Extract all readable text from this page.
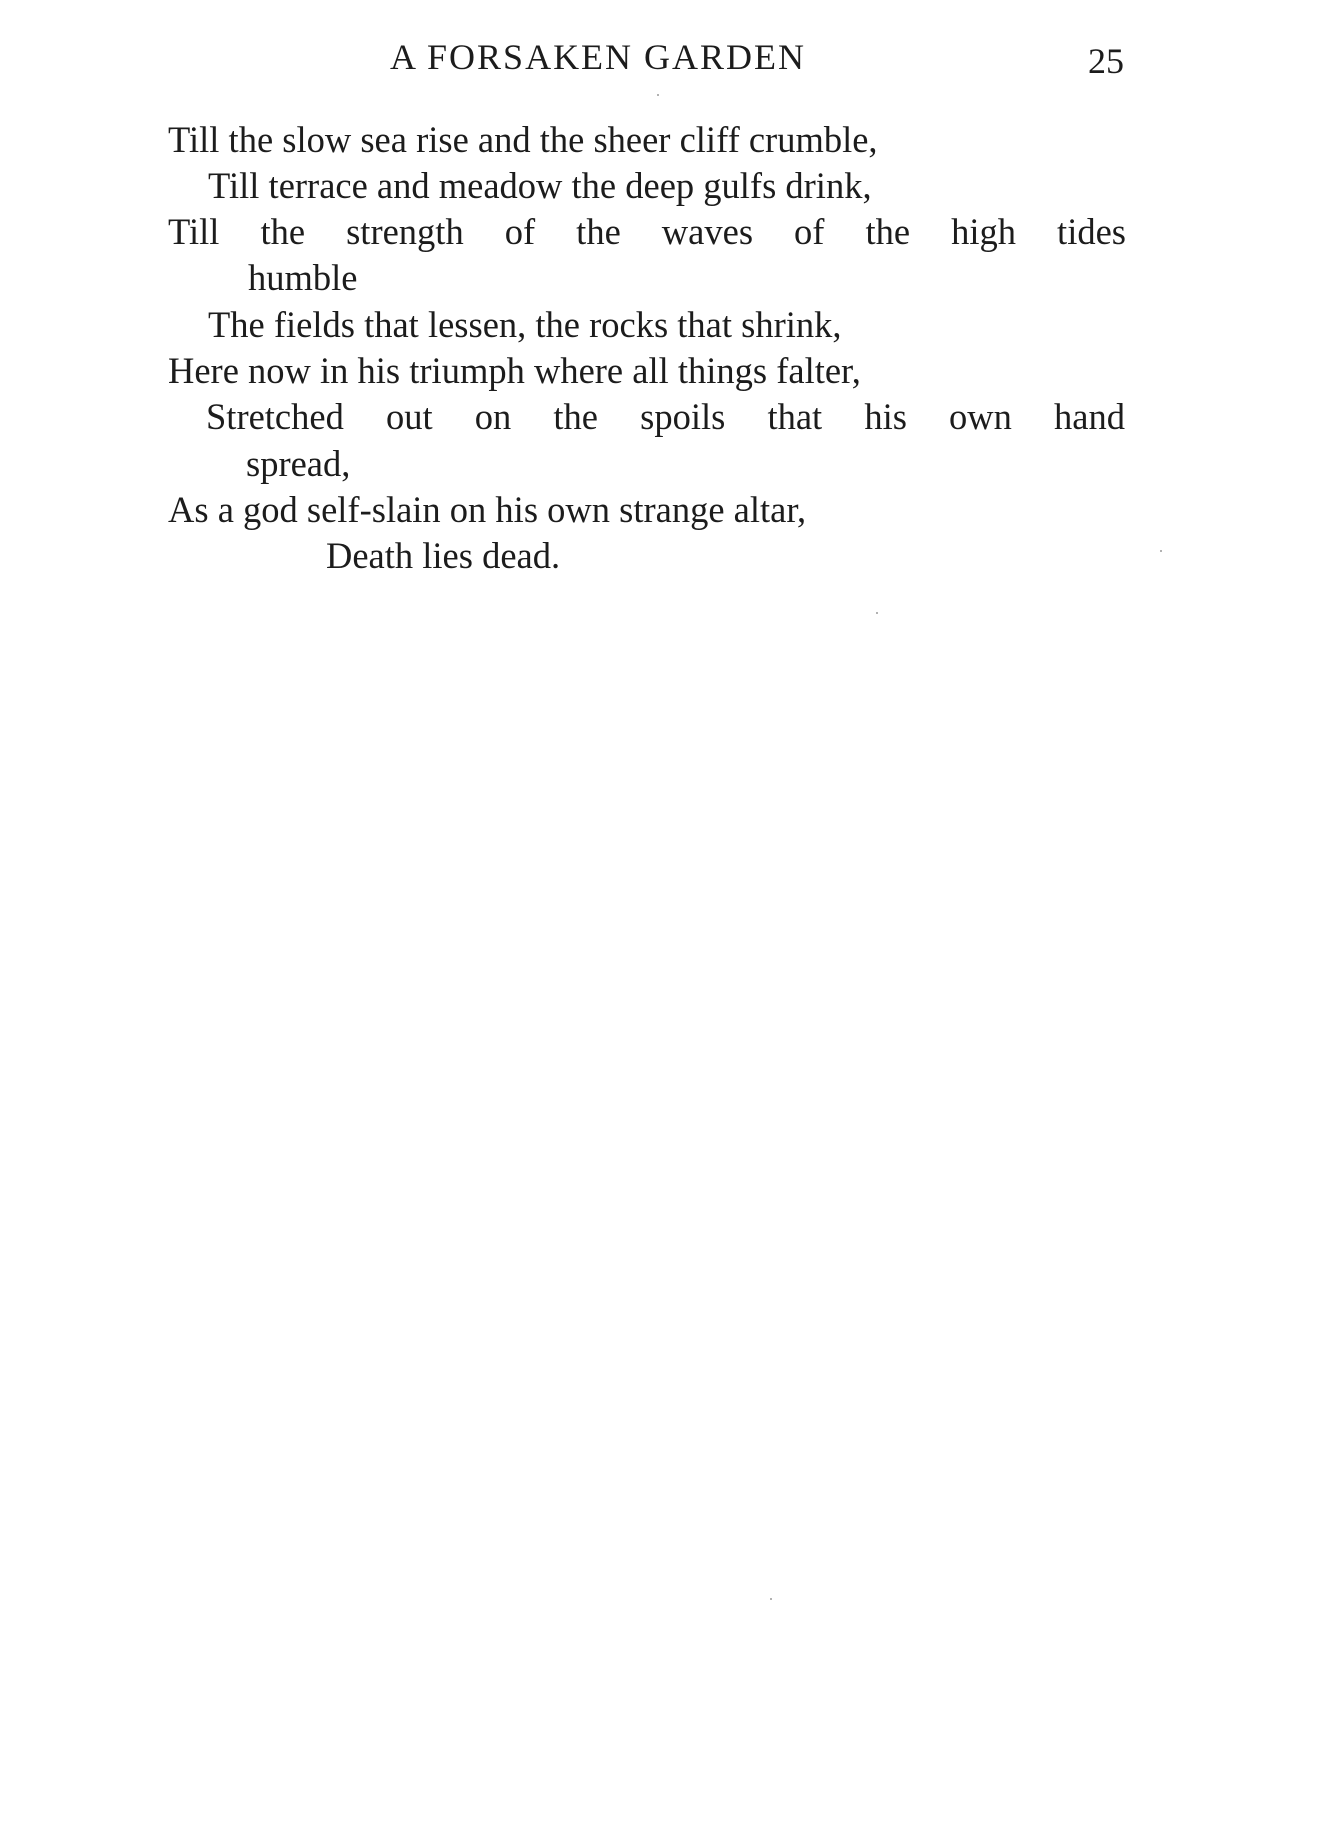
A FORSAKEN GARDEN	25
Till the slow sea rise and the sheer cliff crumble,
Till terrace and meadow the deep gulfs drink,
Till the strength of the waves of the high tides
humble
The fields that lessen, the rocks that shrink,
Here now in his triumph where all things falter,
Stretched out on the spoils that his own hand
spread,
As a god self-slain on his own strange altar,
Death lies dead.
